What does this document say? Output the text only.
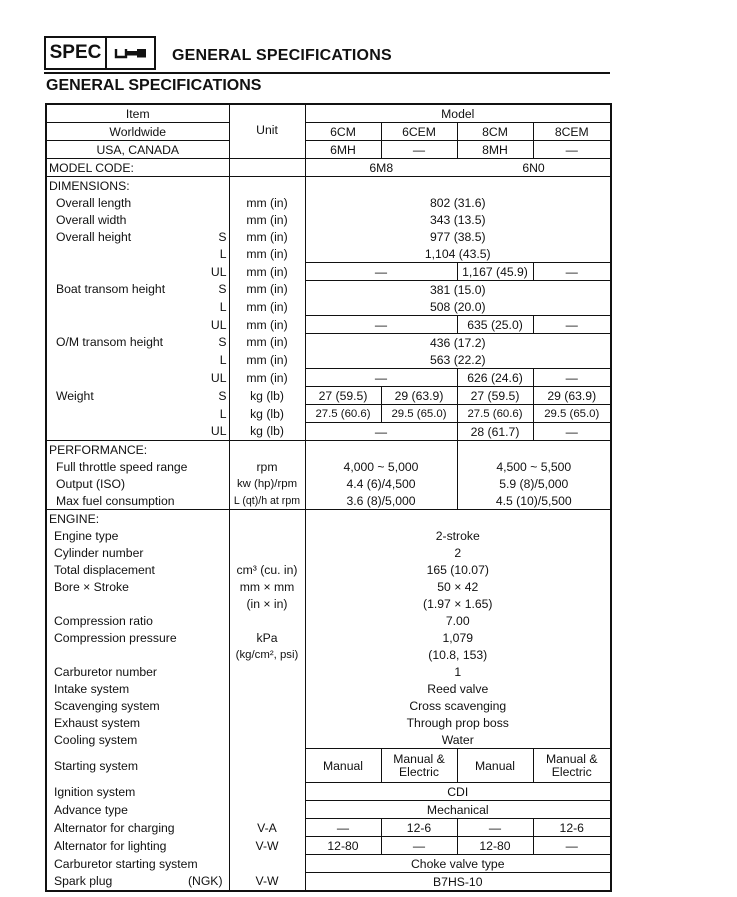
SPEC	GENERAL SPECIFICATIONS
GENERAL SPECIFICATIONS
Item	Unit	Model			
Worldwide		6CM	6CEM	8CM	8CEM
USA, CANADA		6MH	—	8MH	—
MODEL CODE:		6M8		6N0	
DIMENSIONS:					
Overall length	mm (in)	802 (31.6)			
Overall width	mm (in)	343 (13.5)			
Overall height S	mm (in)	977 (38.5)			
L	mm (in)	1,104 (43.5)			
UL	mm (in)	—		1,167 (45.9)	—
Boat transom height S	mm (in)	381 (15.0)			
L	mm (in)	508 (20.0)			
UL	mm (in)	—		635 (25.0)	—
O/M transom height S	mm (in)	436 (17.2)			
L	mm (in)	563 (22.2)			
UL	mm (in)	—		626 (24.6)	—
Weight S	kg (lb)	27 (59.5)	29 (63.9)	27 (59.5)	29 (63.9)
L	kg (lb)	27.5 (60.6)	29.5 (65.0)	27.5 (60.6)	29.5 (65.0)
UL	kg (lb)	—		28 (61.7)	—
PERFORMANCE:					
Full throttle speed range	rpm	4,000 ~ 5,000		4,500 ~ 5,500	
Output (ISO)	kw (hp)/rpm	4.4 (6)/4,500		5.9 (8)/5,000	
Max fuel consumption	L (qt)/h at rpm	3.6 (8)/5,000		4.5 (10)/5,500	
ENGINE:					
Engine type		2-stroke			
Cylinder number		2			
Total displacement	cm³ (cu. in)	165 (10.07)			
Bore × Stroke	mm × mm	50 × 42			
	(in × in)	(1.97 × 1.65)			
Compression ratio		7.00			
Compression pressure	kPa	1,079			
	(kg/cm², psi)	(10.8, 153)			
Carburetor number		1			
Intake system		Reed valve			
Scavenging system		Cross scavenging			
Exhaust system		Through prop boss			
Cooling system		Water			
Starting system		Manual	Manual & Electric	Manual	Manual & Electric
Ignition system		CDI			
Advance type		Mechanical			
Alternator for charging	V-A	—	12-6	—	12-6
Alternator for lighting	V-W	12-80	—	12-80	—
Carburetor starting system		Choke valve type			
Spark plug (NGK)	V-W	B7HS-10			
